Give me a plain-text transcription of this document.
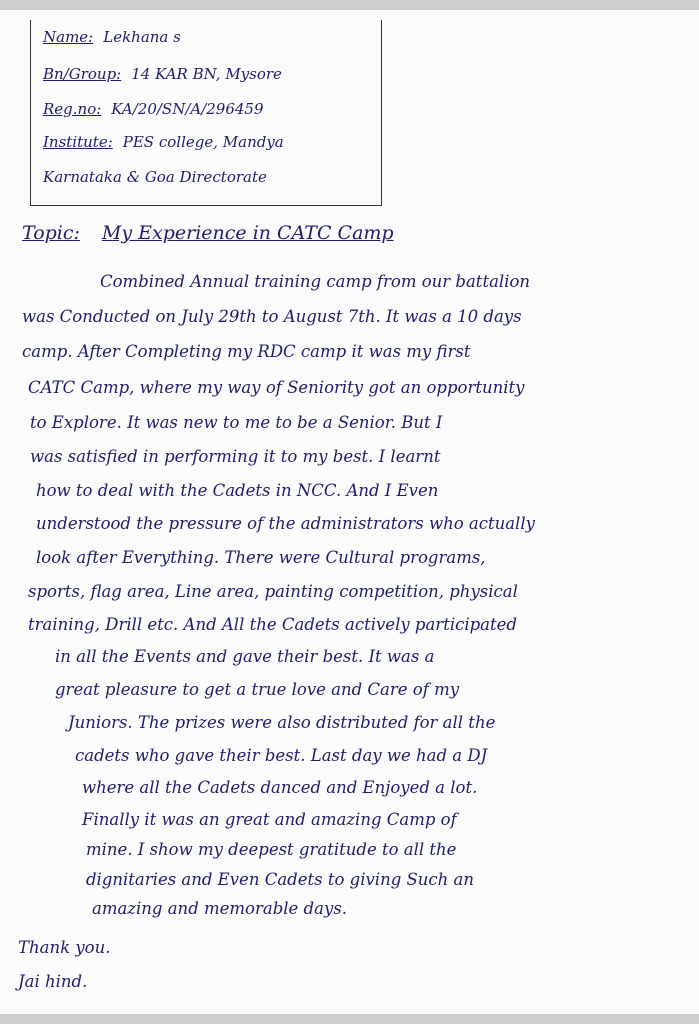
Name: Lekhana s
Bn/Group: 14 KAR BN, Mysore
Reg.no: KA/20/SN/A/296459
Institute: PES college, Mandya
Karnataka & Goa Directorate
Topic: My Experience in CATC Camp
Combined Annual training camp from our battalion
was Conducted on July 29th to August 7th. It was a 10 days
camp. After Completing my RDC camp it was my first
CATC Camp, where my way of Seniority got an opportunity
to Explore. It was new to me to be a Senior. But I
was satisfied in performing it to my best. I learnt
how to deal with the Cadets in NCC. And I Even
understood the pressure of the administrators who actually
look after Everything. There were Cultural programs,
sports, flag area, Line area, painting competition, physical
training, Drill etc. And All the Cadets actively participated
in all the Events and gave their best. It was a
great pleasure to get a true love and Care of my
Juniors. The prizes were also distributed for all the
cadets who gave their best. Last day we had a DJ
where all the Cadets danced and Enjoyed a lot.
Finally it was an great and amazing Camp of
mine. I show my deepest gratitude to all the
dignitaries and Even Cadets to giving Such an
amazing and memorable days.
Thank you.
Jai hind.
